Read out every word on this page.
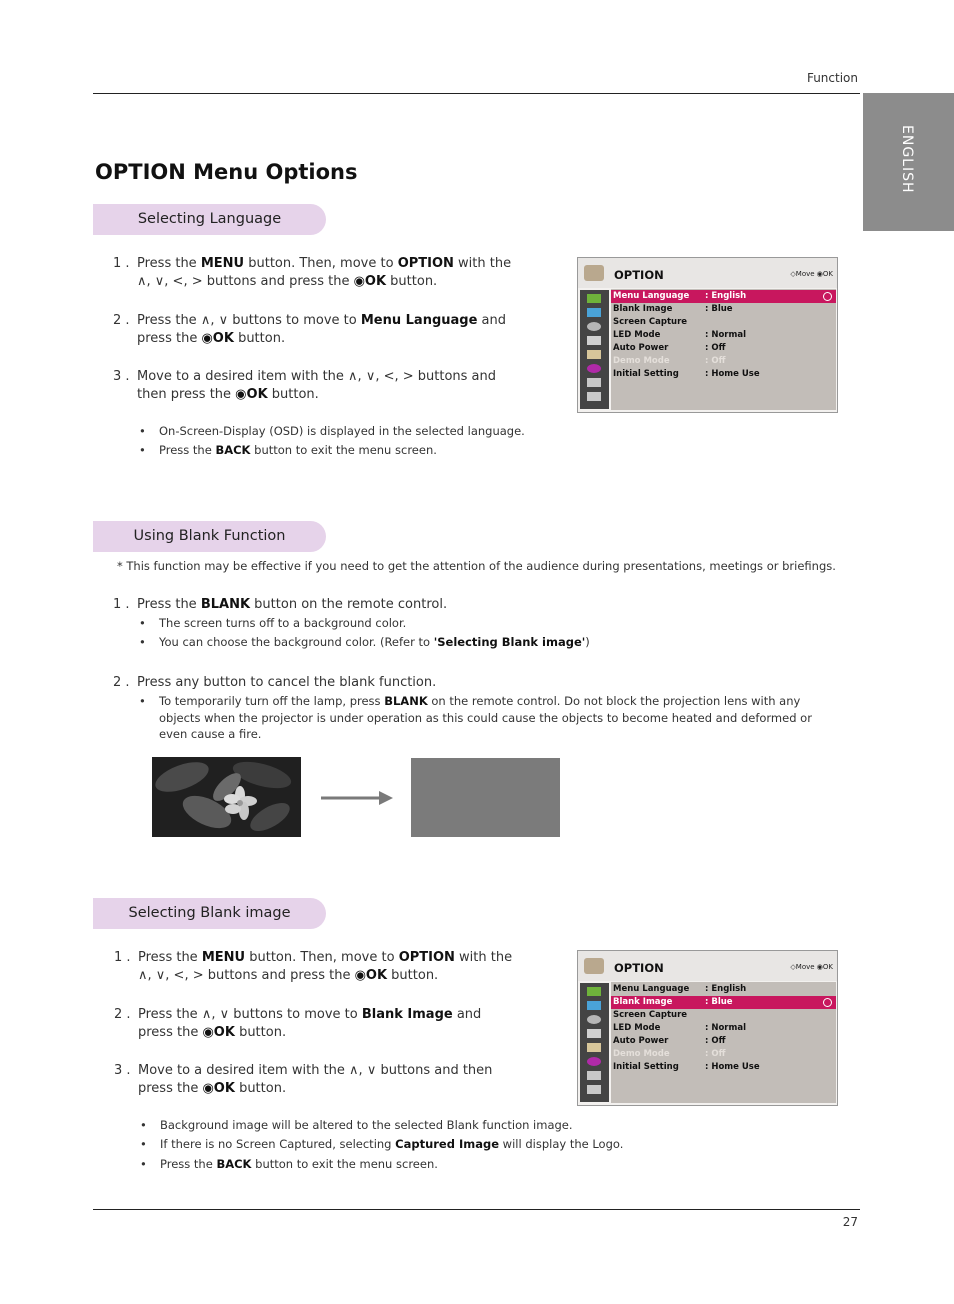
Function
ENGLISH
OPTION Menu Options
Selecting Language
1 . Press the MENU button. Then, move to OPTION with the
∧, ∨, <, > buttons and press the ◉OK button.
2 . Press the ∧, ∨ buttons to move to Menu Language and
press the ◉OK button.
3 . Move to a desired item with the ∧, ∨, <, > buttons and
then press the ◉OK button.
• On-Screen-Display (OSD) is displayed in the selected language.
• Press the BACK button to exit the menu screen.
OPTION	◇Move ◉OK
Menu Language : English
Blank Image	: Blue
Screen Capture
LED Mode	: Normal
Auto Power	: Off
Demo Mode	: Off
Initial Setting	: Home Use
Using Blank Function
* This function may be effective if you need to get the attention of the audience during presentations, meetings or briefings.
1 . Press the BLANK button on the remote control.
• The screen turns off to a background color.
• You can choose the background color. (Refer to 'Selecting Blank image')
2 . Press any button to cancel the blank function.
• To temporarily turn off the lamp, press BLANK on the remote control. Do not block the projection lens with any
objects when the projector is under operation as this could cause the objects to become heated and deformed or
even cause a fire.
Selecting Blank image
1 . Press the MENU button. Then, move to OPTION with the
∧, ∨, <, > buttons and press the ◉OK button.
2 . Press the ∧, ∨ buttons to move to Blank Image and
press the ◉OK button.
3 . Move to a desired item with the ∧, ∨ buttons and then
press the ◉OK button.
• Background image will be altered to the selected Blank function image.
• If there is no Screen Captured, selecting Captured Image will display the Logo.
• Press the BACK button to exit the menu screen.
OPTION	◇Move ◉OK
Menu Language : English
Blank Image	: Blue
Screen Capture
LED Mode	: Normal
Auto Power	: Off
Demo Mode	: Off
Initial Setting	: Home Use
27
